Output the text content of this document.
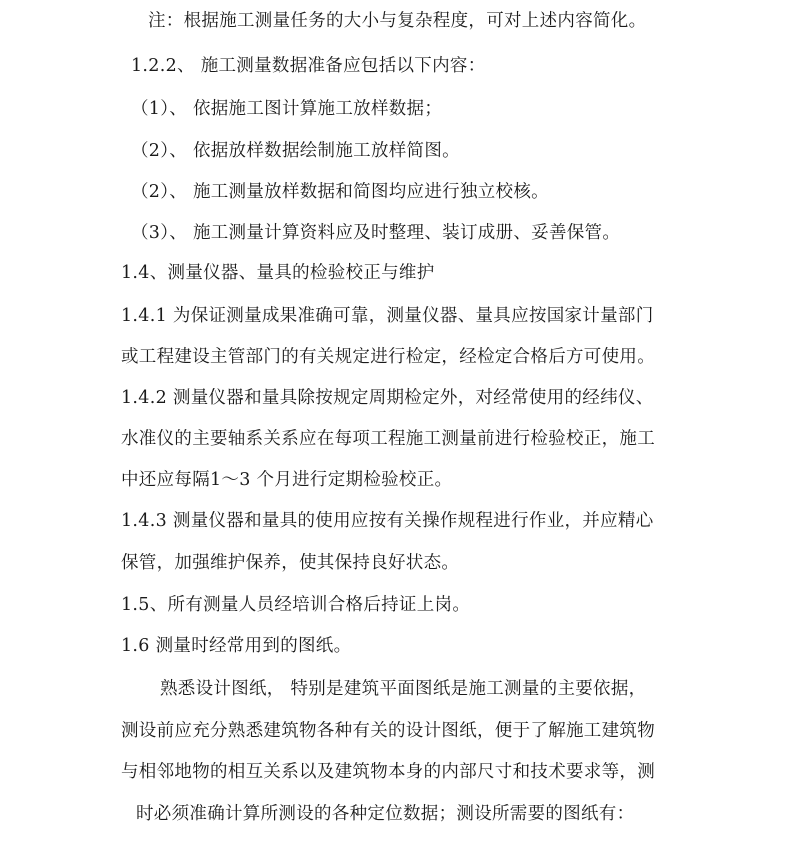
注：根据施工测量任务的大小与复杂程度，可对上述内容简化。
1.2.2、 施工测量数据准备应包括以下内容：
（1）、 依据施工图计算施工放样数据；
（2）、 依据放样数据绘制施工放样简图。
（2）、 施工测量放样数据和简图均应进行独立校核。
（3）、 施工测量计算资料应及时整理、装订成册、妥善保管。
1.4、测量仪器、量具的检验校正与维护
1.4.1 为保证测量成果准确可靠，测量仪器、量具应按国家计量部门
或工程建设主管部门的有关规定进行检定，经检定合格后方可使用。
1.4.2 测量仪器和量具除按规定周期检定外，对经常使用的经纬仪、
水准仪的主要轴系关系应在每项工程施工测量前进行检验校正，施工
中还应每隔1～3 个月进行定期检验校正。
1.4.3 测量仪器和量具的使用应按有关操作规程进行作业，并应精心
保管，加强维护保养，使其保持良好状态。
1.5、所有测量人员经培训合格后持证上岗。
1.6 测量时经常用到的图纸。
熟悉设计图纸， 特别是建筑平面图纸是施工测量的主要依据，
测设前应充分熟悉建筑物各种有关的设计图纸，便于了解施工建筑物
与相邻地物的相互关系以及建筑物本身的内部尺寸和技术要求等，测
时必须准确计算所测设的各种定位数据；测设所需要的图纸有：
